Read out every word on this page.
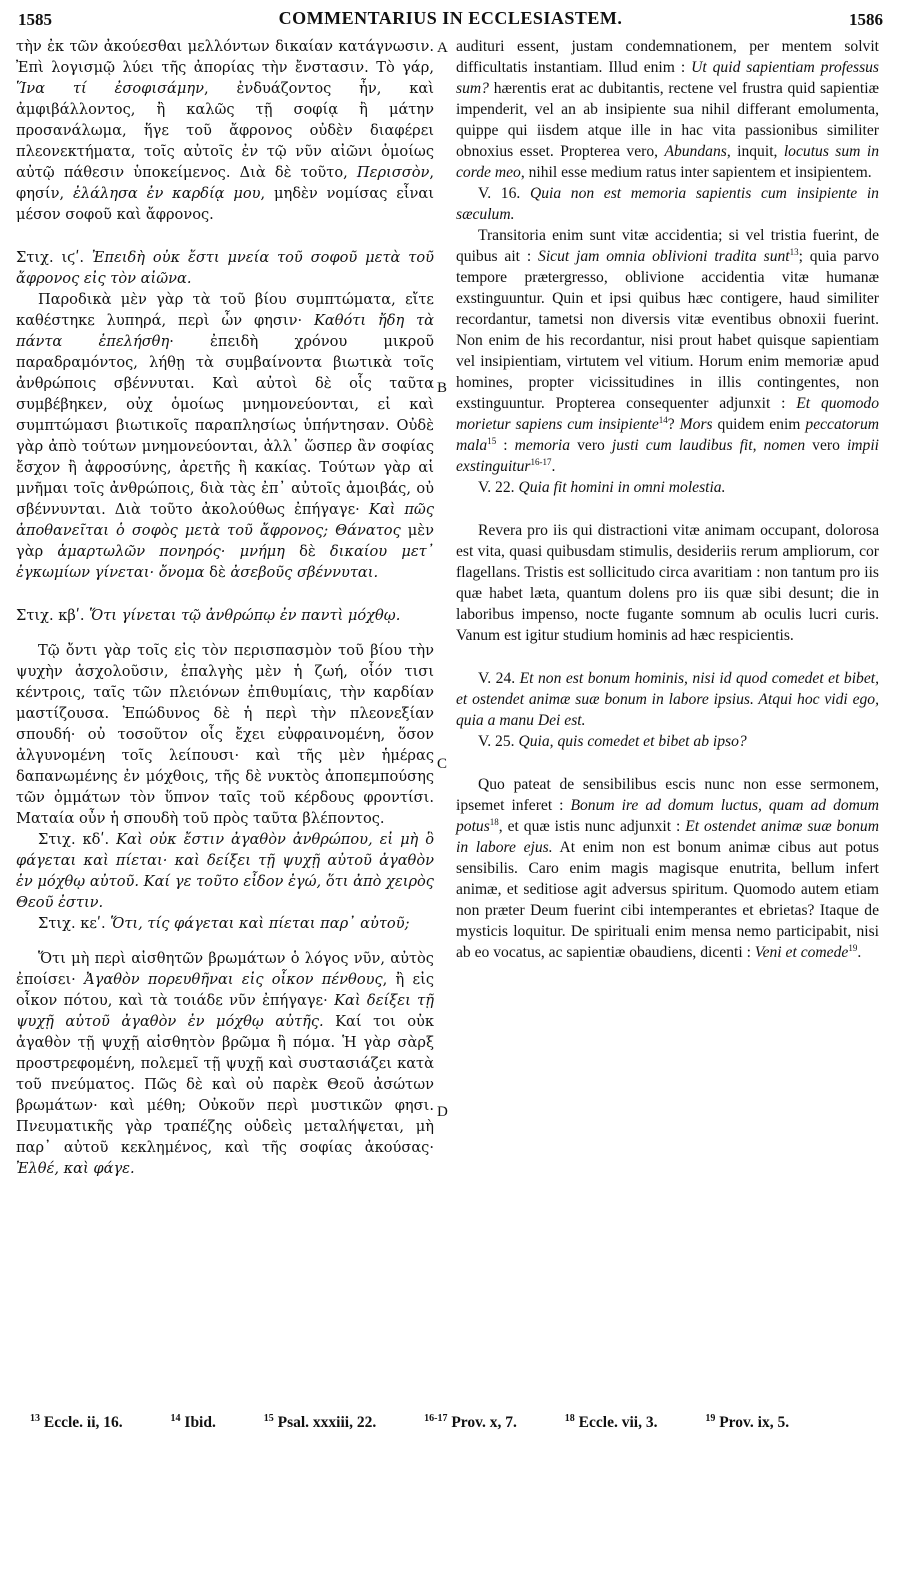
1585	COMMENTARIUS IN ECCLESIASTEM.	1586

τὴν ἐκ τῶν ἀκούεσθαι μελλόντων δικαίαν κατάγνωσιν. Ἐπὶ λογισμῷ λύει τῆς ἀπορίας τὴν ἔνστασιν. Τὸ γάρ, Ἵνα τί ἐσοφισάμην, ἐνδυάζοντος ἦν, καὶ ἀμφιβάλλοντος, ἢ καλῶς τῇ σοφίᾳ ἢ μάτην προσανάλωμα, ἥγε τοῦ ἄφρονος οὐδὲν διαφέρει πλεονεκτήματα, τοῖς αὐτοῖς ἐν τῷ νῦν αἰῶνι ὁμοίως αὐτῷ πάθεσιν ὑποκείμενος. Διὰ δὲ τοῦτο, Περισσὸν, φησίν, ἐλάλησα ἐν καρδίᾳ μου, μηδὲν νομίσας εἶναι μέσον σοφοῦ καὶ ἄφρονος.

Στιχ. ιϛʹ. Ἐπειδὴ οὐκ ἔστι μνεία τοῦ σοφοῦ μετὰ τοῦ ἄφρονος εἰς τὸν αἰῶνα.

Παροδικὰ μὲν γὰρ τὰ τοῦ βίου συμπτώματα, εἴτε καθέστηκε λυπηρά, περὶ ὧν φησιν· Καθότι ἤδη τὰ πάντα ἐπελήσθη· ἐπειδὴ χρόνου μικροῦ παραδραμόντος, λήθῃ τὰ συμβαίνοντα βιωτικὰ τοῖς ἀνθρώποις σβέννυται. Καὶ αὐτοὶ δὲ οἷς ταῦτα συμβέβηκεν, οὐχ ὁμοίως μνημονεύονται, εἰ καὶ συμπτώμασι βιωτικοῖς παραπλησίως ὑπήντησαν. Οὐδὲ γὰρ ἀπὸ τούτων μνημονεύονται, ἀλλ᾽ ὥσπερ ἂν σοφίας ἔσχον ἢ ἀφροσύνης, ἀρετῆς ἢ κακίας. Τούτων γὰρ αἱ μνῆμαι τοῖς ἀνθρώποις, διὰ τὰς ἐπ᾽ αὐτοῖς ἀμοιβάς, οὐ σβέννυνται. Διὰ τοῦτο ἀκολούθως ἐπήγαγε· Καὶ πῶς ἀποθανεῖται ὁ σοφὸς μετὰ τοῦ ἄφρονος; Θάνατος μὲν γὰρ ἁμαρτωλῶν πονηρός· μνήμη δὲ δικαίου μετ᾽ ἐγκωμίων γίνεται· ὄνομα δὲ ἀσεβοῦς σβέννυται.

Στιχ. κβʹ. Ὅτι γίνεται τῷ ἀνθρώπῳ ἐν παντὶ μόχθῳ.

Τῷ ὄντι γὰρ τοῖς εἰς τὸν περισπασμὸν τοῦ βίου τὴν ψυχὴν ἀσχολοῦσιν, ἐπαλγὴς μὲν ἡ ζωή, οἷόν τισι κέντροις, ταῖς τῶν πλειόνων ἐπιθυμίαις, τὴν καρδίαν μαστίζουσα. Ἐπώδυνος δὲ ἡ περὶ τὴν πλεονεξίαν σπουδή· οὐ τοσοῦτον οἷς ἔχει εὐφραινομένη, ὅσον ἀλγυνομένη τοῖς λείπουσι· καὶ τῆς μὲν ἡμέρας δαπανωμένης ἐν μόχθοις, τῆς δὲ νυκτὸς ἀποπεμπούσης τῶν ὀμμάτων τὸν ὕπνον ταῖς τοῦ κέρδους φροντίσι. Ματαία οὖν ἡ σπουδὴ τοῦ πρὸς ταῦτα βλέποντος.

Στιχ. κδʹ. Καὶ οὐκ ἔστιν ἀγαθὸν ἀνθρώπου, εἰ μὴ ὃ φάγεται καὶ πίεται· καὶ δείξει τῇ ψυχῇ αὐτοῦ ἀγαθὸν ἐν μόχθῳ αὐτοῦ. Καί γε τοῦτο εἶδον ἐγώ, ὅτι ἀπὸ χειρὸς Θεοῦ ἐστιν.

Στιχ. κεʹ. Ὅτι, τίς φάγεται καὶ πίεται παρ᾽ αὐτοῦ;

Ὅτι μὴ περὶ αἰσθητῶν βρωμάτων ὁ λόγος νῦν, αὐτὸς ἐποίσει· Ἀγαθὸν πορευθῆναι εἰς οἶκον πένθους, ἢ εἰς οἶκον πότου, καὶ τὰ τοιάδε νῦν ἐπήγαγε· Καὶ δείξει τῇ ψυχῇ αὐτοῦ ἀγαθὸν ἐν μόχθῳ αὐτῆς. Καί τοι οὐκ ἀγαθὸν τῇ ψυχῇ αἰσθητὸν βρῶμα ἢ πόμα. Ἡ γὰρ σὰρξ προστρεφομένη, πολεμεῖ τῇ ψυχῇ καὶ συστασιάζει κατὰ τοῦ πνεύματος. Πῶς δὲ καὶ οὐ παρὲκ Θεοῦ ἀσώτων βρωμάτων· καὶ μέθη; Οὐκοῦν περὶ μυστικῶν φησι. Πνευματικῆς γὰρ τραπέζης οὐδεὶς μεταλήψεται, μὴ παρ᾽ αὐτοῦ κεκλημένος, καὶ τῆς σοφίας ἀκούσας· Ἐλθέ, καὶ φάγε.

A
B
C
D

audituri essent, justam condemnationem, per mentem solvit difficultatis instantiam. Illud enim : Ut quid sapientiam professus sum? hærentis erat ac dubitantis, rectene vel frustra quid sapientiæ impenderit, vel an ab insipiente sua nihil differant emolumenta, quippe qui iisdem atque ille in hac vita passionibus similiter obnoxius esset. Propterea vero, Abundans, inquit, locutus sum in corde meo, nihil esse medium ratus inter sapientem et insipientem.

V. 16. Quia non est memoria sapientis cum insipiente in sæculum.

Transitoria enim sunt vitæ accidentia; si vel tristia fuerint, de quibus ait : Sicut jam omnia oblivioni tradita sunt$^{13}$; quia parvo tempore prætergresso, oblivione accidentia vitæ humanæ exstinguuntur. Quin et ipsi quibus hæc contigere, haud similiter recordantur, tametsi non diversis vitæ eventibus obnoxii fuerint. Non enim de his recordantur, nisi prout habet quisque sapientiam vel insipientiam, virtutem vel vitium. Horum enim memoriæ apud homines, propter vicissitudines in illis contingentes, non exstinguuntur. Propterea consequenter adjunxit : Et quomodo morietur sapiens cum insipiente$^{14}$? Mors quidem enim peccatorum mala$^{15}$ : memoria vero justi cum laudibus fit, nomen vero impii exstinguitur$^{16-17}$.

V. 22. Quia fit homini in omni molestia.

Revera pro iis qui distractioni vitæ animam occupant, dolorosa est vita, quasi quibusdam stimulis, desideriis rerum ampliorum, cor flagellans. Tristis est sollicitudo circa avaritiam : non tantum pro iis quæ habet læta, quantum dolens pro iis quæ sibi desunt; die in laboribus impenso, nocte fugante somnum ab oculis lucri curis. Vanum est igitur studium hominis ad hæc respicientis.

V. 24. Et non est bonum hominis, nisi id quod comedet et bibet, et ostendet animæ suæ bonum in labore ipsius. Atqui hoc vidi ego, quia a manu Dei est.

V. 25. Quia, quis comedet et bibet ab ipso?

Quo pateat de sensibilibus escis nunc non esse sermonem, ipsemet inferet : Bonum ire ad domum luctus, quam ad domum potus$^{18}$, et quæ istis nunc adjunxit : Et ostendet animæ suæ bonum in labore ejus. At enim non est bonum animæ cibus aut potus sensibilis. Caro enim magis magisque enutrita, bellum infert animæ, et seditiose agit adversus spiritum. Quomodo autem etiam non præter Deum fuerint cibi intemperantes et ebrietas? Itaque de mysticis loquitur. De spirituali enim mensa nemo participabit, nisi ab eo vocatus, ac sapientiæ obaudiens, dicenti : Veni et comede$^{19}$.

$^{13}$ Eccle. ii, 16.	$^{14}$ Ibid.	$^{15}$ Psal. xxxiii, 22.	$^{16-17}$ Prov. x, 7.	$^{18}$ Eccle. vii, 3.	$^{19}$ Prov. ix, 5.
